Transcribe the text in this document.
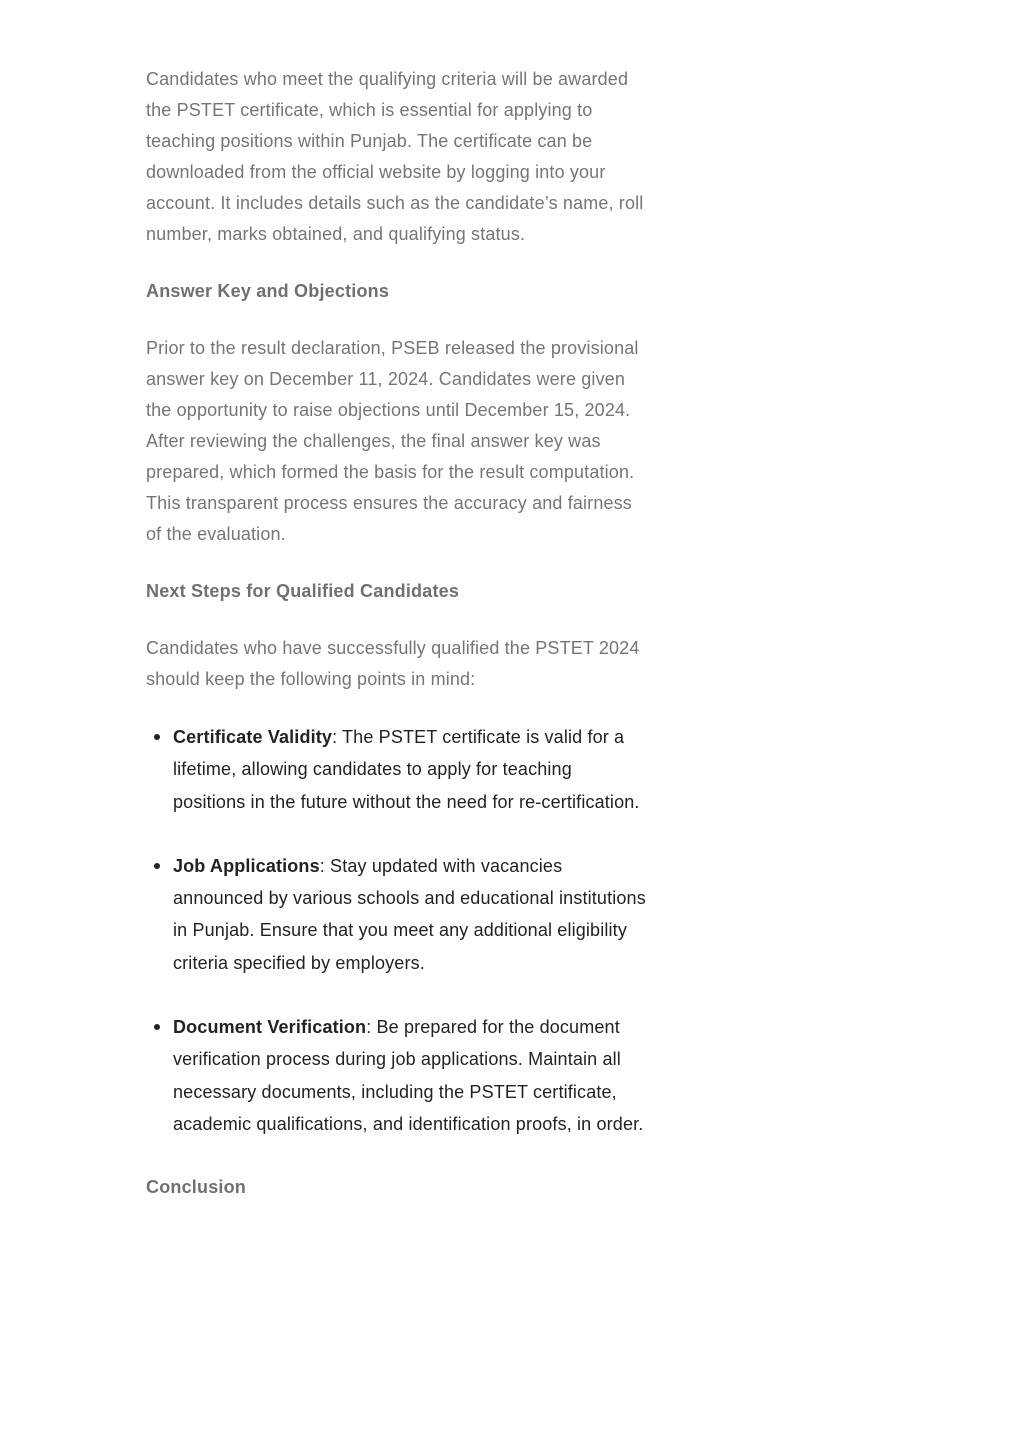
Candidates who meet the qualifying criteria will be awarded the PSTET certificate, which is essential for applying to teaching positions within Punjab. The certificate can be downloaded from the official website by logging into your account. It includes details such as the candidate’s name, roll number, marks obtained, and qualifying status.

Answer Key and Objections

Prior to the result declaration, PSEB released the provisional answer key on December 11, 2024. Candidates were given the opportunity to raise objections until December 15, 2024. After reviewing the challenges, the final answer key was prepared, which formed the basis for the result computation. This transparent process ensures the accuracy and fairness of the evaluation.

Next Steps for Qualified Candidates

Candidates who have successfully qualified the PSTET 2024 should keep the following points in mind:

Certificate Validity: The PSTET certificate is valid for a lifetime, allowing candidates to apply for teaching positions in the future without the need for re-certification.
Job Applications: Stay updated with vacancies announced by various schools and educational institutions in Punjab. Ensure that you meet any additional eligibility criteria specified by employers.
Document Verification: Be prepared for the document verification process during job applications. Maintain all necessary documents, including the PSTET certificate, academic qualifications, and identification proofs, in order.
Conclusion
